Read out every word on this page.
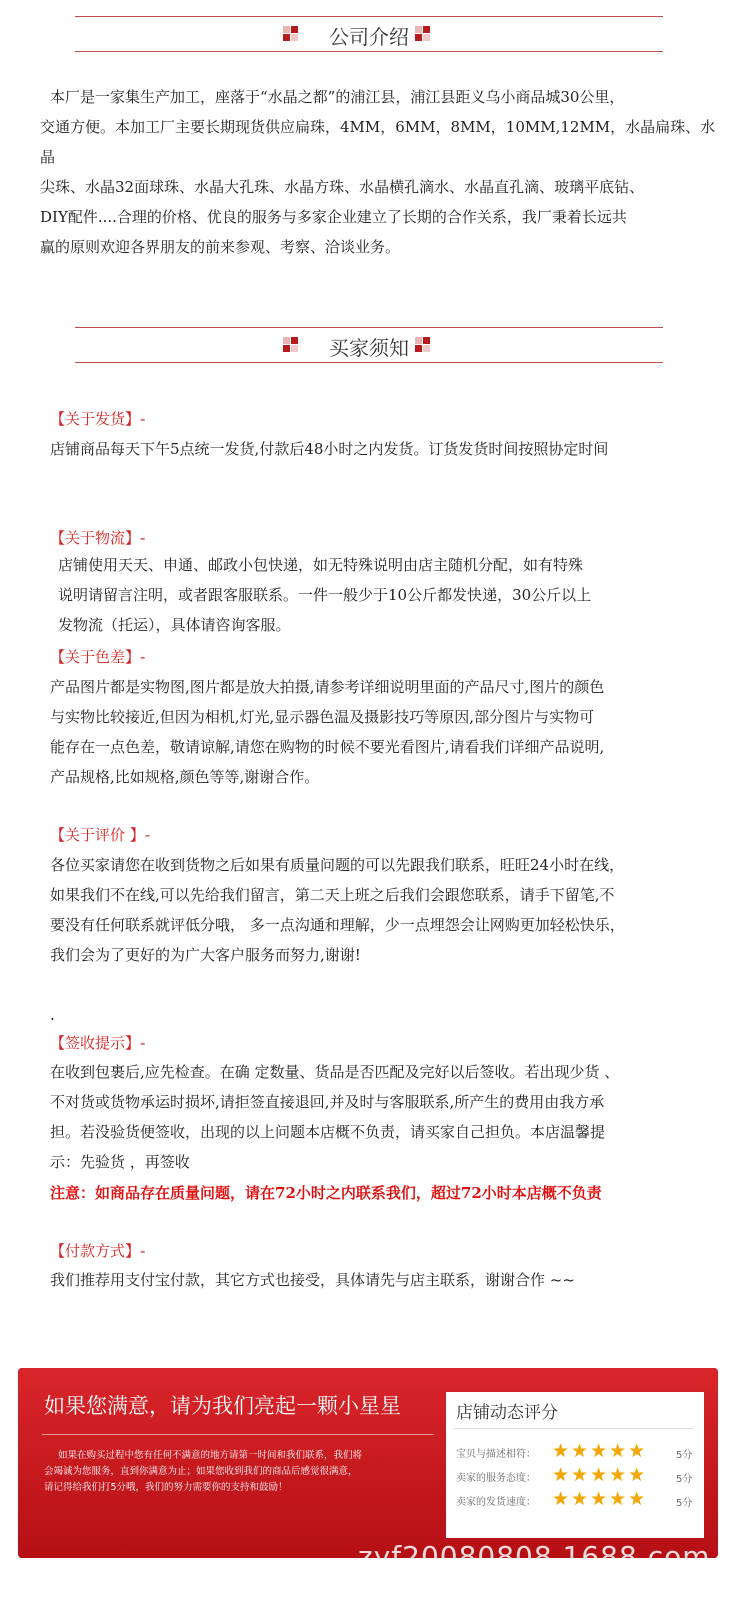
公司介绍
本厂是一家集生产加工，座落于“水晶之都”的浦江县，浦江县距义乌小商品城30公里，
交通方便。本加工厂主要长期现货供应扁珠，4MM，6MM，8MM，10MM,12MM，水晶扁珠、水晶
尖珠、水晶32面球珠、水晶大孔珠、水晶方珠、水晶横孔滴水、水晶直孔滴、玻璃平底钻、
DIY配件....合理的价格、优良的服务与多家企业建立了长期的合作关系，我厂秉着长远共
赢的原则欢迎各界朋友的前来参观、考察、洽谈业务。
买家须知
【关于发货】-
店铺商品每天下午5点统一发货,付款后48小时之内发货。订货发货时间按照协定时间
【关于物流】-
店铺使用天天、申通、邮政小包快递，如无特殊说明由店主随机分配，如有特殊
说明请留言注明，或者跟客服联系。一件一般少于10公斤都发快递，30公斤以上
发物流（托运），具体请咨询客服。
【关于色差】-
产品图片都是实物图,图片都是放大拍摄,请参考详细说明里面的产品尺寸,图片的颜色
与实物比较接近,但因为相机,灯光,显示器色温及摄影技巧等原因,部分图片与实物可
能存在一点色差，敬请谅解,请您在购物的时候不要光看图片,请看我们详细产品说明,
产品规格,比如规格,颜色等等,谢谢合作。
【关于评价 】-
各位买家请您在收到货物之后如果有质量问题的可以先跟我们联系，旺旺24小时在线，
如果我们不在线,可以先给我们留言，第二天上班之后我们会跟您联系，请手下留笔,不
要没有任何联系就评低分哦， 多一点沟通和理解，少一点埋怨会让网购更加轻松快乐，
我们会为了更好的为广大客户服务而努力,谢谢!
.
【签收提示】-
在收到包裹后,应先检查。在确 定数量、货品是否匹配及完好以后签收。若出现少货 、
不对货或货物承运时损坏,请拒签直接退回,并及时与客服联系,所产生的费用由我方承
担。若没验货便签收，出现的以上问题本店概不负责，请买家自己担负。本店温馨提
示：先验货 ，再签收
注意：如商品存在质量问题，请在72小时之内联系我们，超过72小时本店概不负责
【付款方式】-
我们推荐用支付宝付款，其它方式也接受，具体请先与店主联系，谢谢合作 ~~
如果您满意，请为我们亮起一颗小星星
如果在购买过程中您有任何不满意的地方请第一时间和我们联系，我们将
会竭诚为您服务，直到你满意为止；如果您收到我们的商品后感觉很满意，
请记得给我们打5分哦，我们的努力需要你的支持和鼓励！
店铺动态评分
宝贝与描述相符： ★★★★★	5分
卖家的服务态度： ★★★★★	5分
卖家的发货速度： ★★★★★	5分
zyf20080808.1688.com
